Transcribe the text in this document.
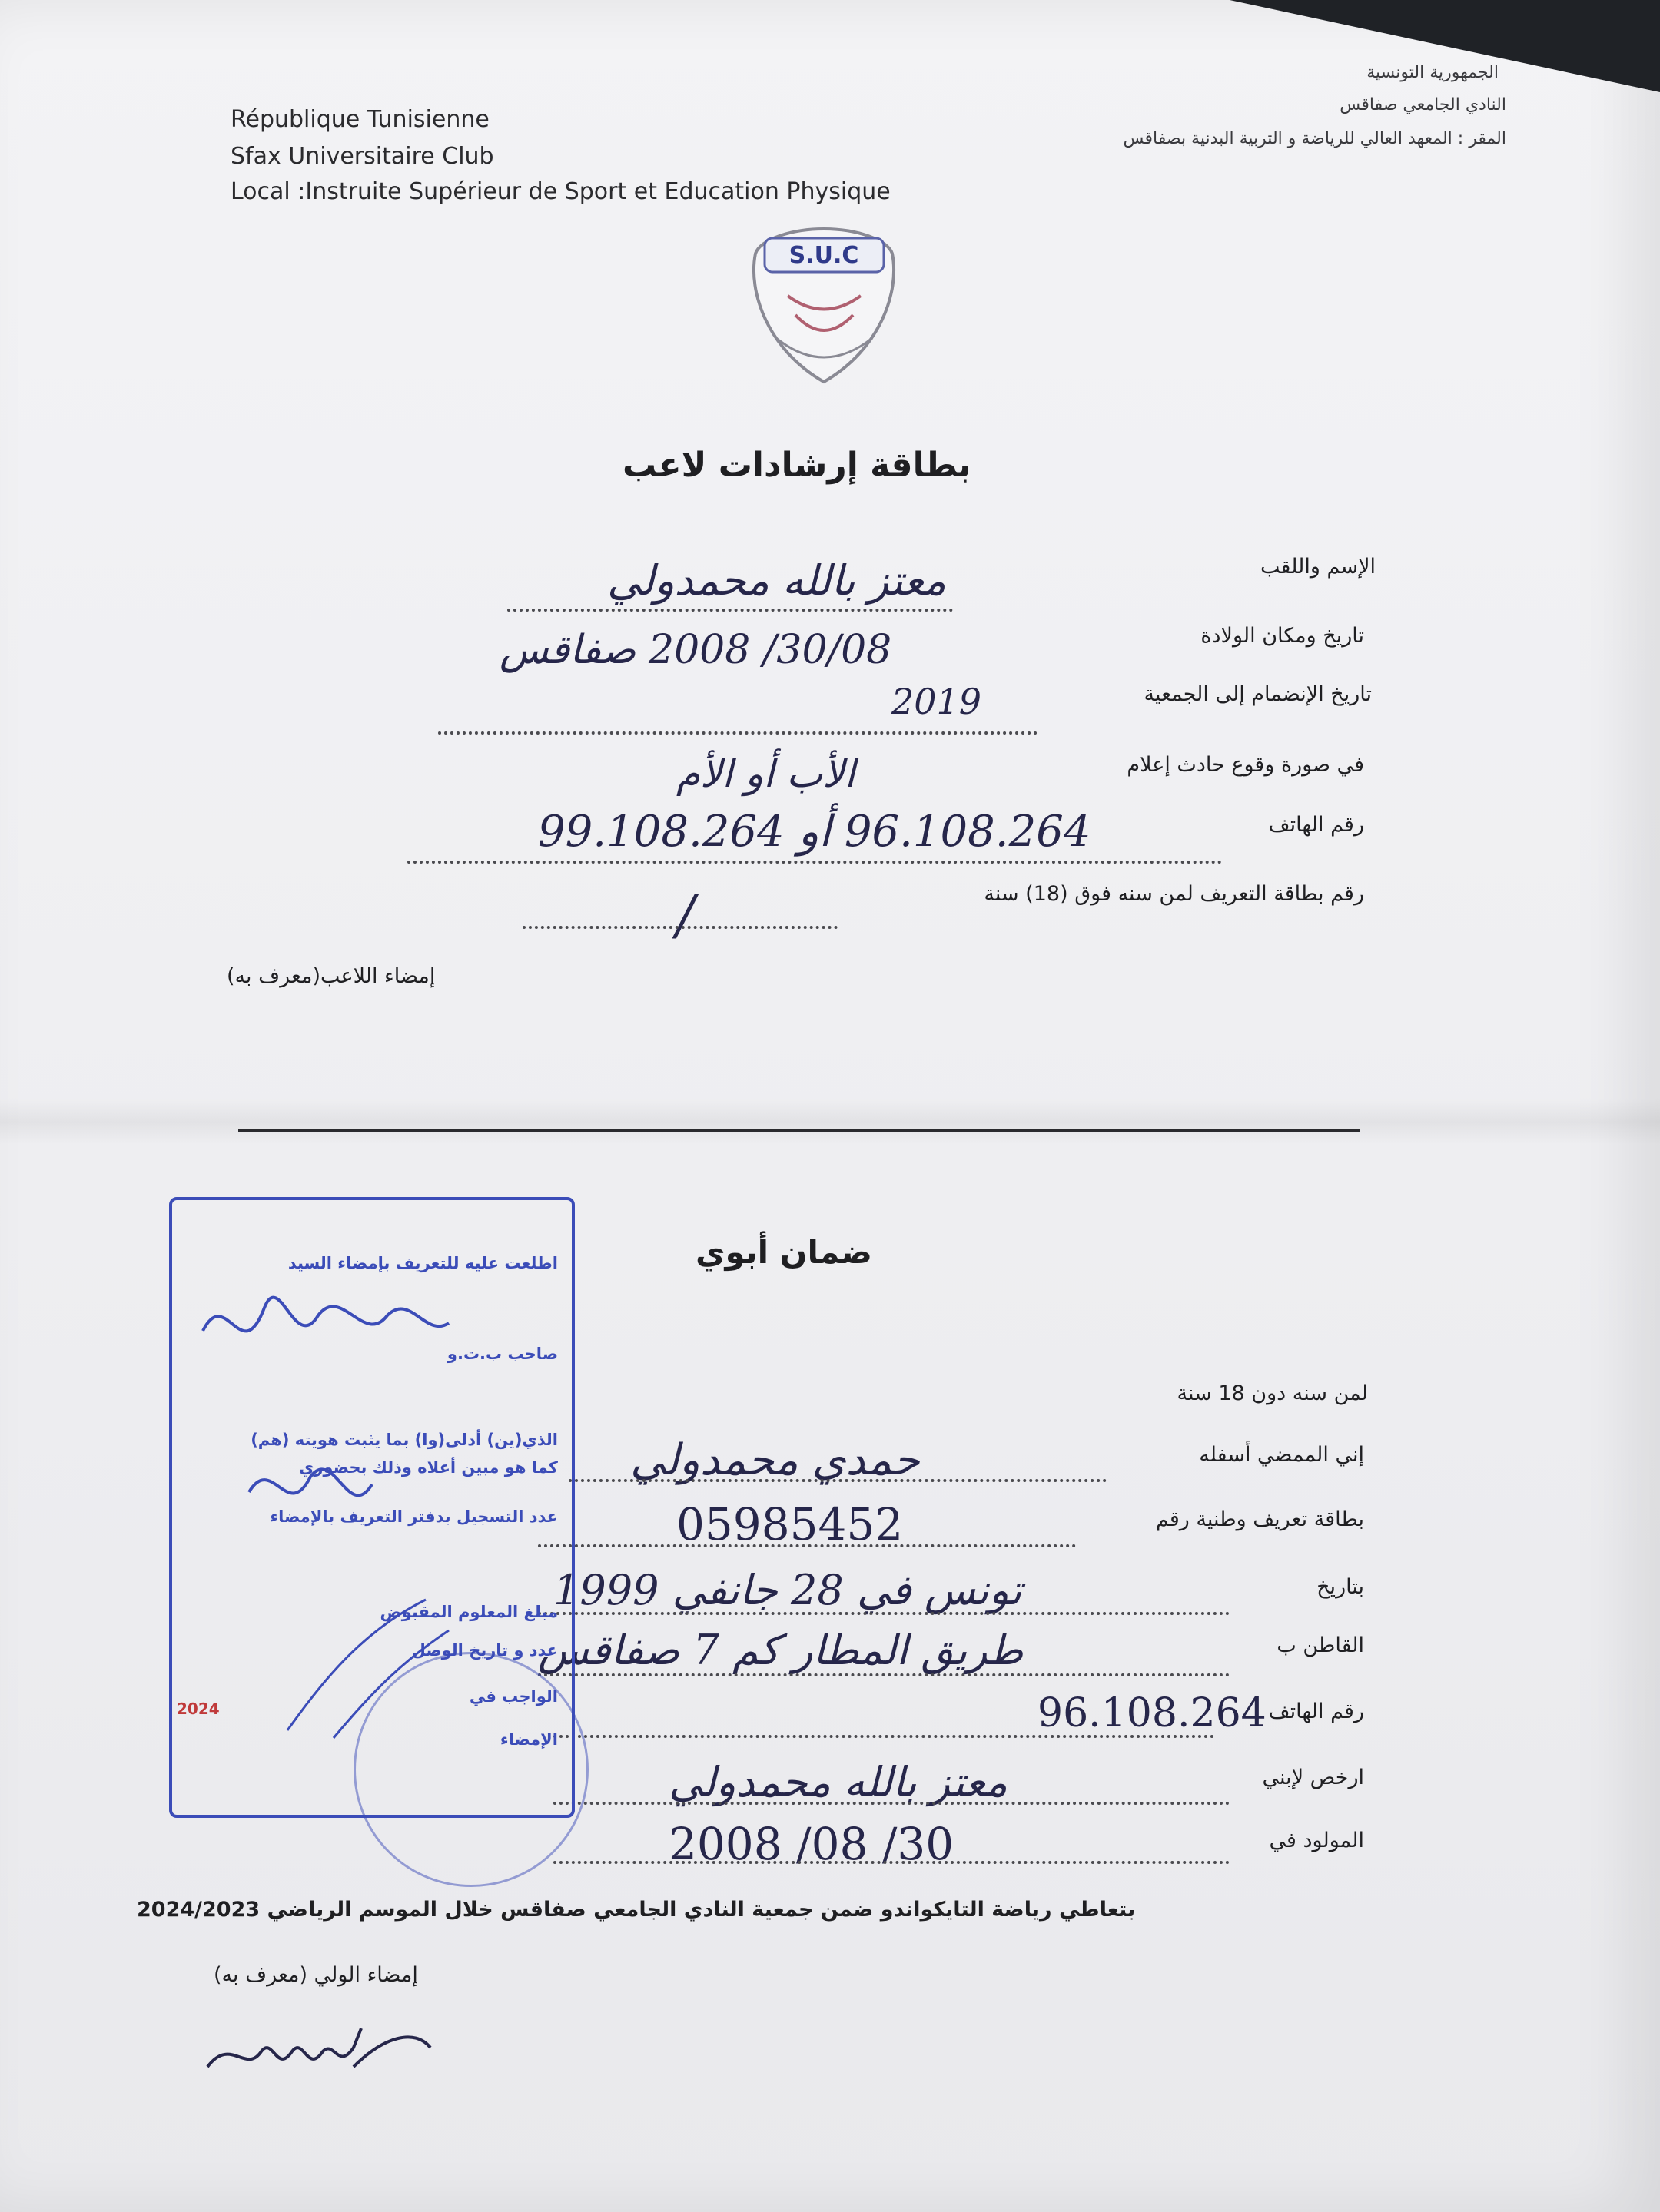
République Tunisienne
Sfax Universitaire Club
Local :Instruite Supérieur de Sport et Education Physique
الجمهورية التونسية
النادي الجامعي صفاقس
المقر : المعهد العالي للرياضة و التربية البدنية بصفاقس
S.U.C
بطاقة إرشادات لاعب
الإسم واللقب
معتز بالله محمدولي
تاريخ ومكان الولادة
30/08/ 2008 صفاقس
تاريخ الإنضمام إلى الجمعية
2019
في صورة وقوع حادث إعلام
الأب أو الأم
رقم الهاتف
96.108.264 أو 99.108.264
رقم بطاقة التعريف لمن سنه فوق (18) سنة
/
إمضاء اللاعب(معرف به)
ضمان أبوي
لمن سنه دون 18 سنة
إني الممضي أسفله
حمدي محمدولي
بطاقة تعريف وطنية رقم
05985452
بتاريخ
تونس في 28 جانفي 1999
القاطن ب
طريق المطار كم 7 صفاقس
رقم الهاتف
96.108.264
ارخص لإبني
معتز بالله محمدولي
المولود في
30/ 08/ 2008
بتعاطي رياضة التايكواندو ضمن جمعية النادي الجامعي صفاقس خلال الموسم الرياضي 2024/2023
إمضاء الولي (معرف به)
اطلعت عليه للتعريف بإمضاء السيد
صاحب ب.ت.و
الذي(ين) أدلى(وا) بما يثبت هويته (هم)
كما هو مبين أعلاه وذلك بحضوري
عدد التسجيل بدفتر التعريف بالإمضاء
مبلغ المعلوم المقبوض
عدد و تاريخ الوصل
الواجب في
الإمضاء
2024
